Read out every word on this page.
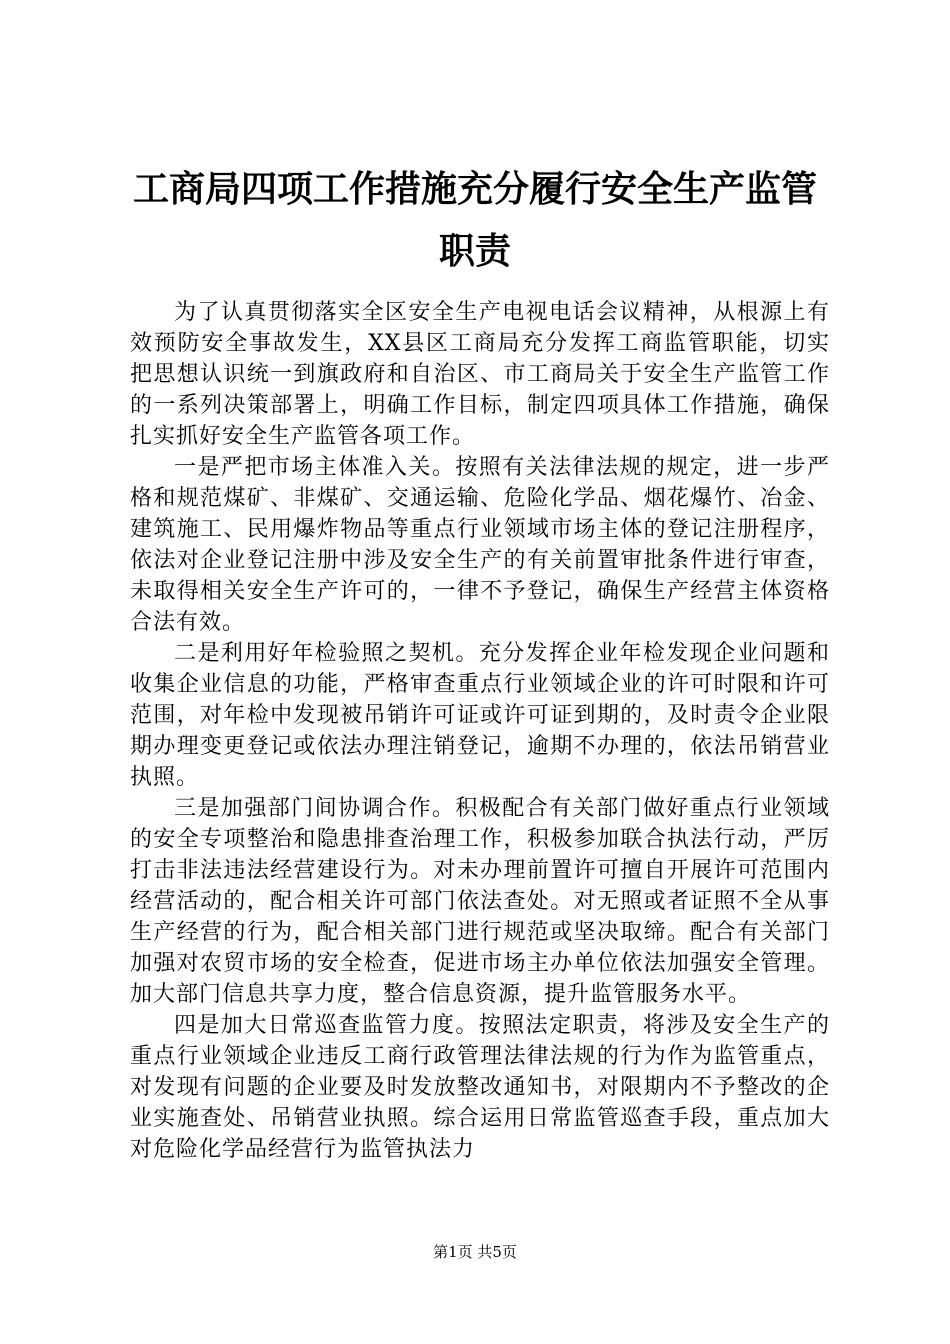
工商局四项工作措施充分履行安全生产监管职责

为了认真贯彻落实全区安全生产电视电话会议精神，从根源上有效预防安全事故发生，XX县区工商局充分发挥工商监管职能，切实把思想认识统一到旗政府和自治区、市工商局关于安全生产监管工作的一系列决策部署上，明确工作目标，制定四项具体工作措施，确保扎实抓好安全生产监管各项工作。

一是严把市场主体准入关。按照有关法律法规的规定，进一步严格和规范煤矿、非煤矿、交通运输、危险化学品、烟花爆竹、冶金、建筑施工、民用爆炸物品等重点行业领域市场主体的登记注册程序，依法对企业登记注册中涉及安全生产的有关前置审批条件进行审查，未取得相关安全生产许可的，一律不予登记，确保生产经营主体资格合法有效。

二是利用好年检验照之契机。充分发挥企业年检发现企业问题和收集企业信息的功能，严格审查重点行业领域企业的许可时限和许可范围，对年检中发现被吊销许可证或许可证到期的，及时责令企业限期办理变更登记或依法办理注销登记，逾期不办理的，依法吊销营业执照。

三是加强部门间协调合作。积极配合有关部门做好重点行业领域的安全专项整治和隐患排查治理工作，积极参加联合执法行动，严厉打击非法违法经营建设行为。对未办理前置许可擅自开展许可范围内经营活动的，配合相关许可部门依法查处。对无照或者证照不全从事生产经营的行为，配合相关部门进行规范或坚决取缔。配合有关部门加强对农贸市场的安全检查，促进市场主办单位依法加强安全管理。加大部门信息共享力度，整合信息资源，提升监管服务水平。

四是加大日常巡查监管力度。按照法定职责，将涉及安全生产的重点行业领域企业违反工商行政管理法律法规的行为作为监管重点，对发现有问题的企业要及时发放整改通知书，对限期内不予整改的企业实施查处、吊销营业执照。综合运用日常监管巡查手段，重点加大对危险化学品经营行为监管执法力

第1页 共5页
